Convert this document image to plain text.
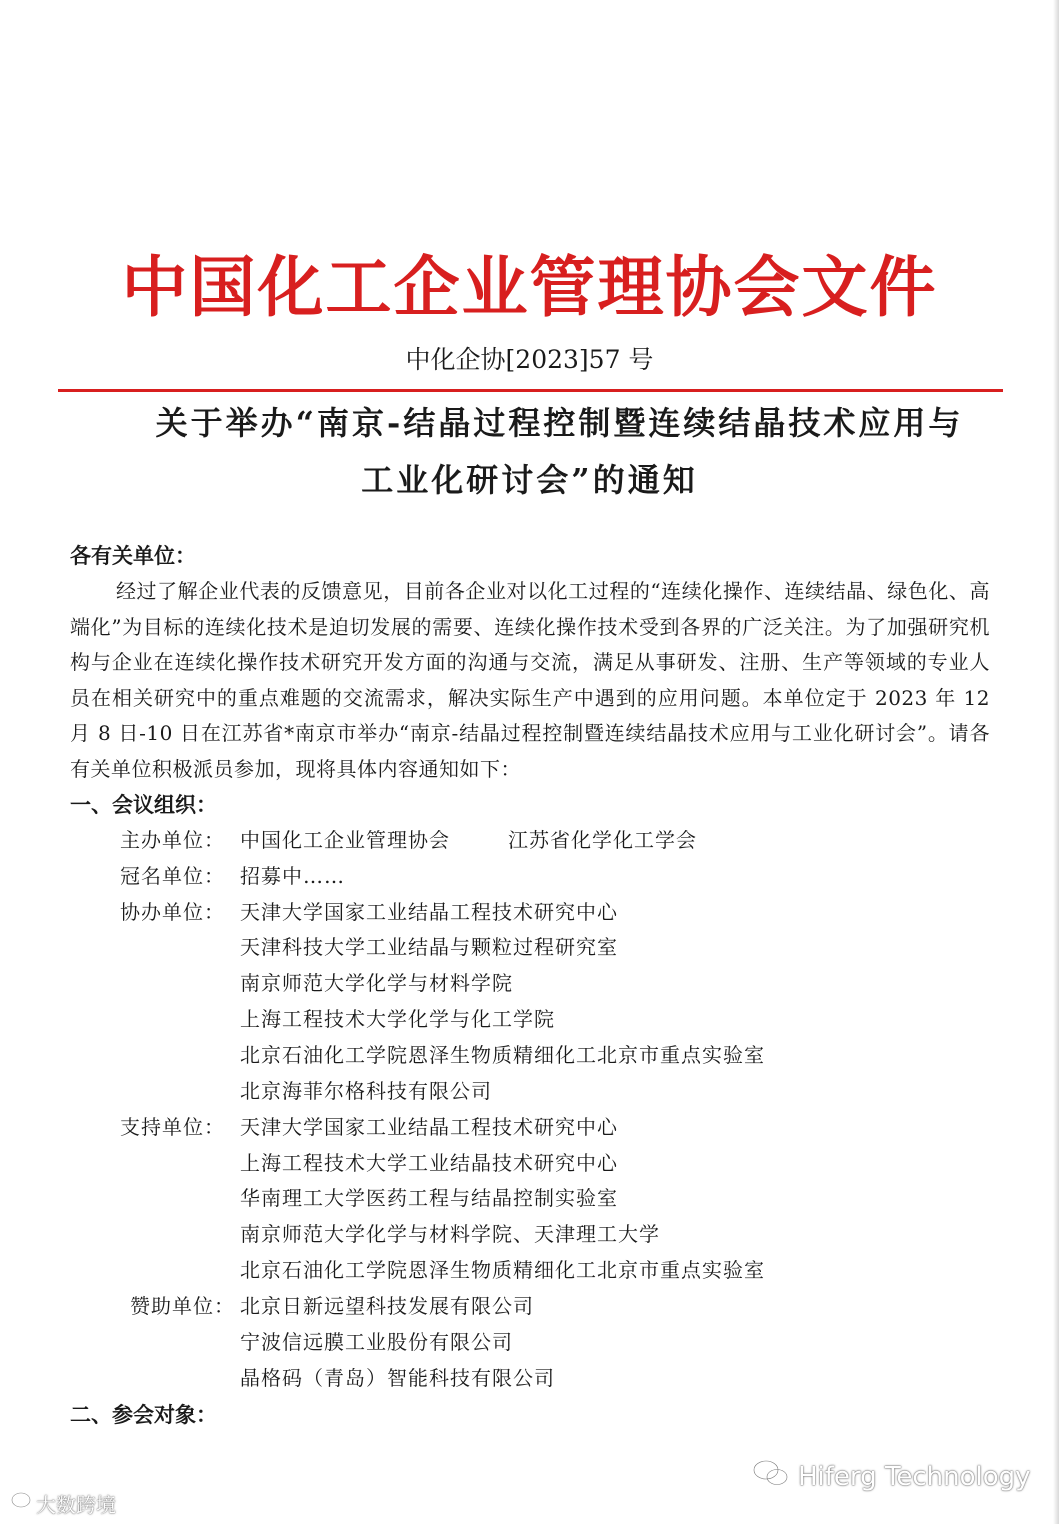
中国化工企业管理协会文件
中化企协[2023]57 号
关于举办“南京-结晶过程控制暨连续结晶技术应用与
工业化研讨会”的通知
各有关单位：
经过了解企业代表的反馈意见，目前各企业对以化工过程的“连续化操作、连续结晶、绿色化、高端化”为目标的连续化技术是迫切发展的需要、连续化操作技术受到各界的广泛关注。为了加强研究机构与企业在连续化操作技术研究开发方面的沟通与交流，满足从事研发、注册、生产等领域的专业人员在相关研究中的重点难题的交流需求，解决实际生产中遇到的应用问题。本单位定于 2023 年 12 月 8 日-10 日在江苏省*南京市举办“南京-结晶过程控制暨连续结晶技术应用与工业化研讨会”。请各有关单位积极派员参加，现将具体内容通知如下：
一、会议组织：
主办单位： 中国化工企业管理协会	江苏省化学化工学会
冠名单位： 招募中……
协办单位： 天津大学国家工业结晶工程技术研究中心
天津科技大学工业结晶与颗粒过程研究室
南京师范大学化学与材料学院
上海工程技术大学化学与化工学院
北京石油化工学院恩泽生物质精细化工北京市重点实验室
北京海菲尔格科技有限公司
支持单位： 天津大学国家工业结晶工程技术研究中心
上海工程技术大学工业结晶技术研究中心
华南理工大学医药工程与结晶控制实验室
南京师范大学化学与材料学院、天津理工大学
北京石油化工学院恩泽生物质精细化工北京市重点实验室
赞助单位： 北京日新远望科技发展有限公司
宁波信远膜工业股份有限公司
晶格码（青岛）智能科技有限公司
二、参会对象：
大数跨境
Hiferg Technology
